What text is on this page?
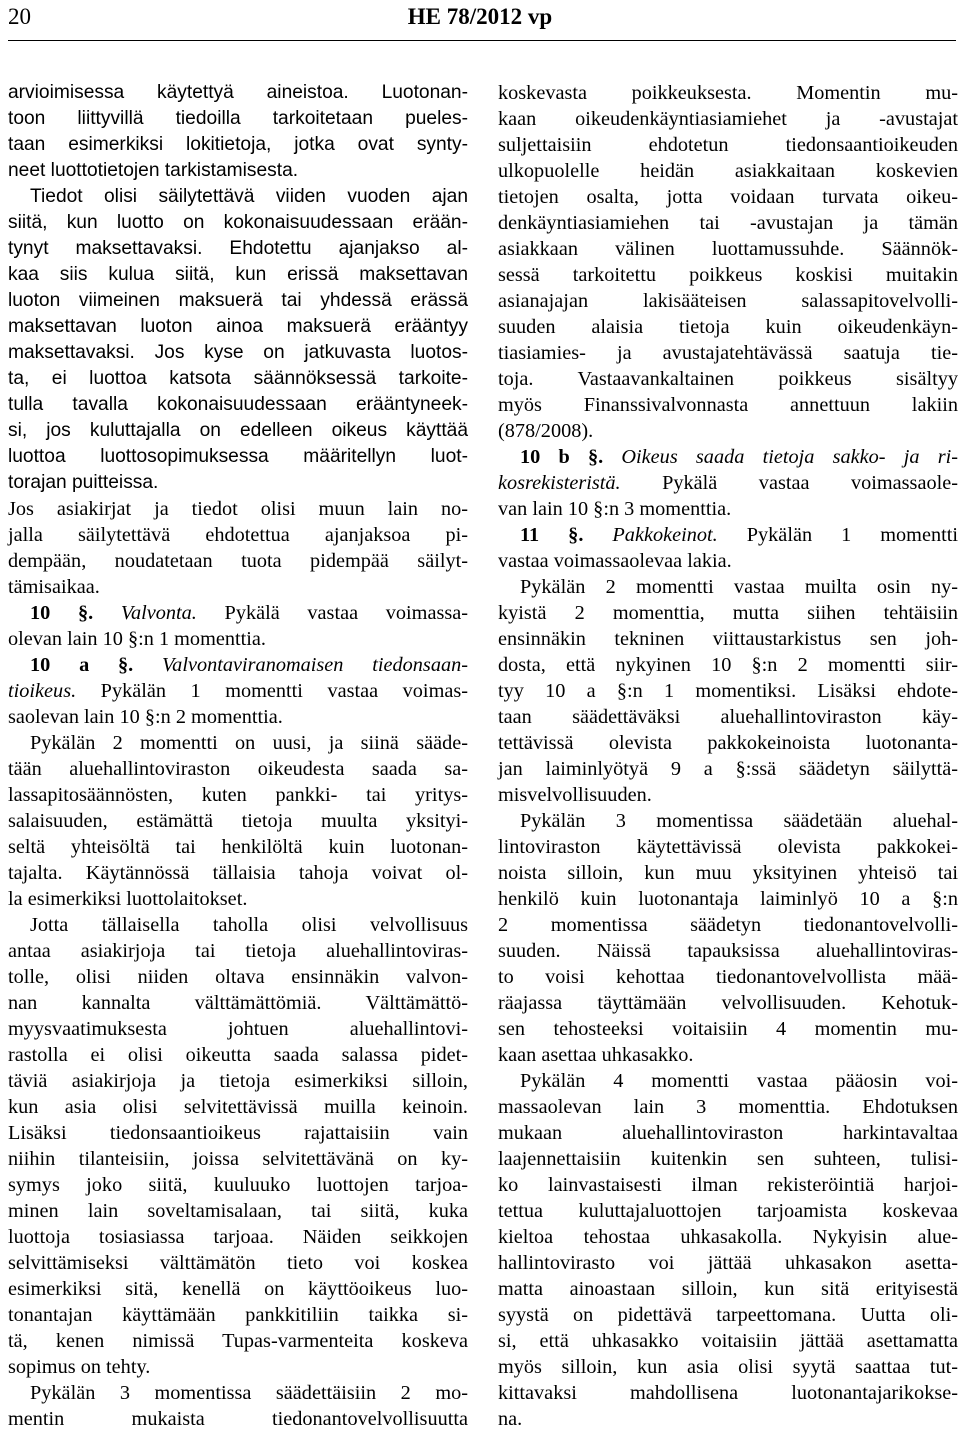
20	HE 78/2012 vp
arvioimisessa käytettyä aineistoa. Luotonan-
toon liittyvillä tiedoilla tarkoitetaan pueles-
taan esimerkiksi lokitietoja, jotka ovat synty-
neet luottotietojen tarkistamisesta.
Tiedot olisi säilytettävä viiden vuoden ajan
siitä, kun luotto on kokonaisuudessaan erään-
tynyt maksettavaksi. Ehdotettu ajanjakso al-
kaa siis kulua siitä, kun erissä maksettavan
luoton viimeinen maksuerä tai yhdessä erässä
maksettavan luoton ainoa maksuerä erääntyy
maksettavaksi. Jos kyse on jatkuvasta luotos-
ta, ei luottoa katsota säännöksessä tarkoite-
tulla tavalla kokonaisuudessaan erääntyneek-
si, jos kuluttajalla on edelleen oikeus käyttää
luottoa luottosopimuksessa määritellyn luot-
torajan puitteissa.
Jos asiakirjat ja tiedot olisi muun lain no-
jalla säilytettävä ehdotettua ajanjaksoa pi-
dempään, noudatetaan tuota pidempää säilyt-
tämisaikaa.
10 §. Valvonta. Pykälä vastaa voimassa-
olevan lain 10 §:n 1 momenttia.
10 a §. Valvontaviranomaisen tiedonsaan-
tioikeus. Pykälän 1 momentti vastaa voimas-
saolevan lain 10 §:n 2 momenttia.
Pykälän 2 momentti on uusi, ja siinä sääde-
tään aluehallintoviraston oikeudesta saada sa-
lassapitosäännösten, kuten pankki- tai yritys-
salaisuuden, estämättä tietoja muulta yksityi-
seltä yhteisöltä tai henkilöltä kuin luotonan-
tajalta. Käytännössä tällaisia tahoja voivat ol-
la esimerkiksi luottolaitokset.
Jotta tällaisella taholla olisi velvollisuus
antaa asiakirjoja tai tietoja aluehallintoviras-
tolle, olisi niiden oltava ensinnäkin valvon-
nan kannalta välttämättömiä. Välttämättö-
myysvaatimuksesta johtuen aluehallintovi-
rastolla ei olisi oikeutta saada salassa pidet-
täviä asiakirjoja ja tietoja esimerkiksi silloin,
kun asia olisi selvitettävissä muilla keinoin.
Lisäksi tiedonsaantioikeus rajattaisiin vain
niihin tilanteisiin, joissa selvitettävänä on ky-
symys joko siitä, kuuluuko luottojen tarjoa-
minen lain soveltamisalaan, tai siitä, kuka
luottoja tosiasiassa tarjoaa. Näiden seikkojen
selvittämiseksi välttämätön tieto voi koskea
esimerkiksi sitä, kenellä on käyttöoikeus luo-
tonantajan käyttämään pankkitiliin taikka si-
tä, kenen nimissä Tupas-varmenteita koskeva
sopimus on tehty.
Pykälän 3 momentissa säädettäisiin 2 mo-
mentin mukaista tiedonantovelvollisuutta
koskevasta poikkeuksesta. Momentin mu-
kaan oikeudenkäyntiasiamiehet ja -avustajat
suljettaisiin ehdotetun tiedonsaantioikeuden
ulkopuolelle heidän asiakkaitaan koskevien
tietojen osalta, jotta voidaan turvata oikeu-
denkäyntiasiamiehen tai -avustajan ja tämän
asiakkaan välinen luottamussuhde. Säännök-
sessä tarkoitettu poikkeus koskisi muitakin
asianajajan lakisääteisen salassapitovelvolli-
suuden alaisia tietoja kuin oikeudenkäyn-
tiasiamies- ja avustajatehtävässä saatuja tie-
toja. Vastaavankaltainen poikkeus sisältyy
myös Finanssivalvonnasta annettuun lakiin
(878/2008).
10 b §. Oikeus saada tietoja sakko- ja ri-
kosrekisteristä. Pykälä vastaa voimassaole-
van lain 10 §:n 3 momenttia.
11 §. Pakkokeinot. Pykälän 1 momentti
vastaa voimassaolevaa lakia.
Pykälän 2 momentti vastaa muilta osin ny-
kyistä 2 momenttia, mutta siihen tehtäisiin
ensinnäkin tekninen viittaustarkistus sen joh-
dosta, että nykyinen 10 §:n 2 momentti siir-
tyy 10 a §:n 1 momentiksi. Lisäksi ehdote-
taan säädettäväksi aluehallintoviraston käy-
tettävissä olevista pakkokeinoista luotonanta-
jan laiminlyötyä 9 a §:ssä säädetyn säilyttä-
misvelvollisuuden.
Pykälän 3 momentissa säädetään aluehal-
lintoviraston käytettävissä olevista pakkokei-
noista silloin, kun muu yksityinen yhteisö tai
henkilö kuin luotonantaja laiminlyö 10 a §:n
2 momentissa säädetyn tiedonantovelvolli-
suuden. Näissä tapauksissa aluehallintoviras-
to voisi kehottaa tiedonantovelvollista mää-
räajassa täyttämään velvollisuuden. Kehotuk-
sen tehosteeksi voitaisiin 4 momentin mu-
kaan asettaa uhkasakko.
Pykälän 4 momentti vastaa pääosin voi-
massaolevan lain 3 momenttia. Ehdotuksen
mukaan aluehallintoviraston harkintavaltaa
laajennettaisiin kuitenkin sen suhteen, tulisi-
ko lainvastaisesti ilman rekisteröintiä harjoi-
tettua kuluttajaluottojen tarjoamista koskevaa
kieltoa tehostaa uhkasakolla. Nykyisin alue-
hallintovirasto voi jättää uhkasakon asetta-
matta ainoastaan silloin, kun sitä erityisestä
syystä on pidettävä tarpeettomana. Uutta oli-
si, että uhkasakko voitaisiin jättää asettamatta
myös silloin, kun asia olisi syytä saattaa tut-
kittavaksi mahdollisena luotonantajarikokse-
na.
